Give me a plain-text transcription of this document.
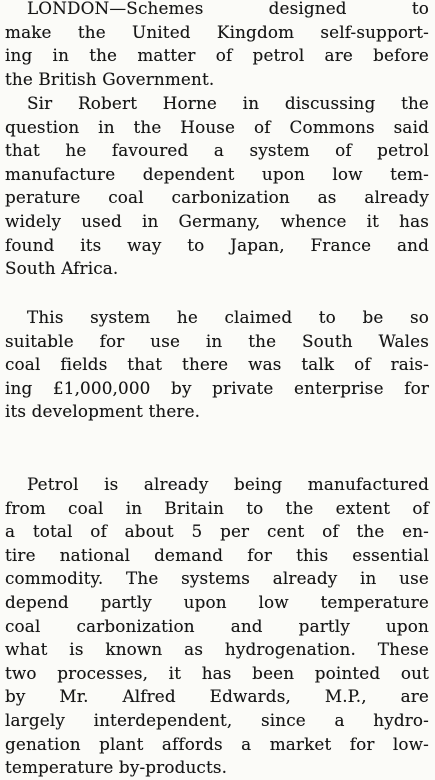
LONDON—Schemes designed to
make the United Kingdom self-support-
ing in the matter of petrol are before
the British Government.
Sir Robert Horne in discussing the
question in the House of Commons said
that he favoured a system of petrol
manufacture dependent upon low tem-
perature coal carbonization as already
widely used in Germany, whence it has
found its way to Japan, France and
South Africa.
This system he claimed to be so
suitable for use in the South Wales
coal fields that there was talk of rais-
ing £1,000,000 by private enterprise for
its development there.
Petrol is already being manufactured
from coal in Britain to the extent of
a total of about 5 per cent of the en-
tire national demand for this essential
commodity. The systems already in use
depend partly upon low temperature
coal carbonization and partly upon
what is known as hydrogenation. These
two processes, it has been pointed out
by Mr. Alfred Edwards, M.P., are
largely interdependent, since a hydro-
genation plant affords a market for low-
temperature by-products.
